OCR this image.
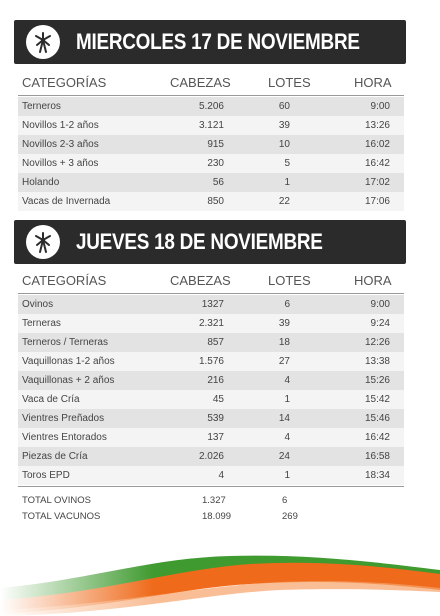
MIERCOLES 17 DE NOVIEMBRE
CATEGORÍAS	CABEZAS	LOTES	HORA
Terneros	5.206	60	9:00
Novillos 1-2 años	3.121	39	13:26
Novillos 2-3 años	915	10	16:02
Novillos + 3 años	230	5	16:42
Holando	56	1	17:02
Vacas de Invernada	850	22	17:06
JUEVES 18 DE NOVIEMBRE
CATEGORÍAS	CABEZAS	LOTES	HORA
Ovinos	1327	6	9:00
Terneras	2.321	39	9:24
Terneros / Terneras	857	18	12:26
Vaquillonas 1-2 años	1.576	27	13:38
Vaquillonas + 2 años	216	4	15:26
Vaca de Cría	45	1	15:42
Vientres Preñados	539	14	15:46
Vientres Entorados	137	4	16:42
Piezas de Cría	2.026	24	16:58
Toros EPD	4	1	18:34
TOTAL OVINOS	1.327	6
TOTAL VACUNOS	18.099	269
